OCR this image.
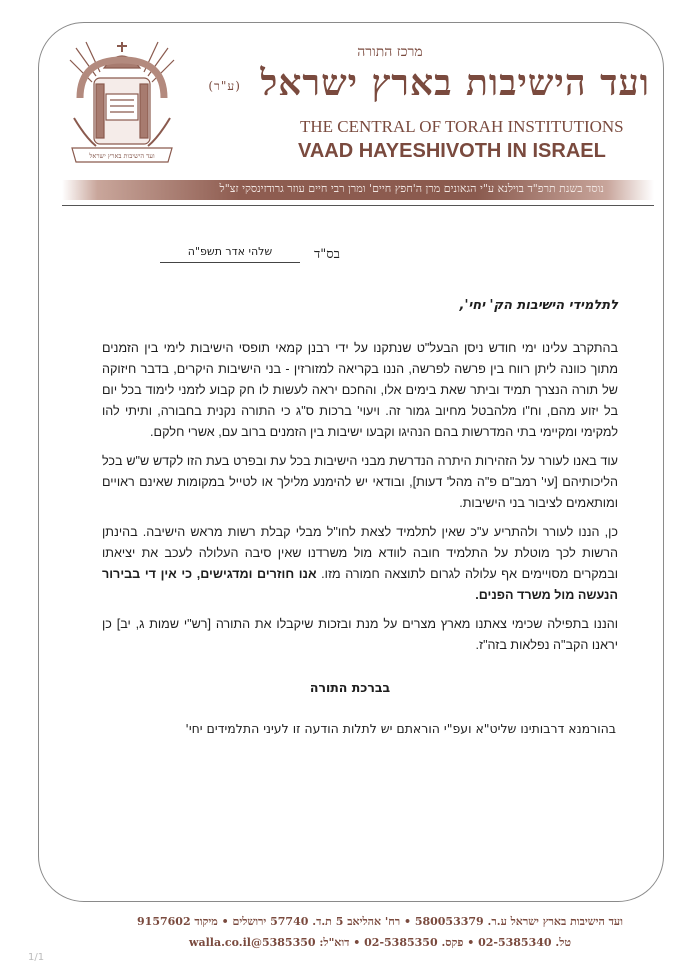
ועד הישיבות בארץ ישראל
מרכז התורה
ועד הישיבות בארץ ישראל (ע"ר)
THE CENTRAL OF TORAH INSTITUTIONS
VAAD HAYESHIVOTH IN ISRAEL
נוסד בשנת תרפ"ד בוילנא ע"י הגאונים מרן ה'חפץ חיים' ומרן רבי חיים עוזר גרודזינסקי זצ"ל
בס"ד
שלהי אדר תשפ"ה
לתלמידי הישיבות הק' יחי',

בהתקרב עלינו ימי חודש ניסן הבעל"ט שנתקנו על ידי רבנן קמאי תופסי הישיבות לימי בין הזמנים מתוך כוונה ליתן רווח בין פרשה לפרשה, הננו בקריאה למזורזין - בני הישיבות היקרים, בדבר חיזוקה של תורה הנצרך תמיד וביתר שאת בימים אלו, והחכם יראה לעשות לו חק קבוע לזמני לימוד בכל יום בל יזוע מהם, וח"ו מלהבטל מחיוב גמור זה. ויעוי' ברכות ס"ג כי התורה נקנית בחבורה, ותיתי להו למקימי ומקיימי בתי המדרשות בהם הנהיגו וקבעו ישיבות בין הזמנים ברוב עם, אשרי חלקם.

עוד באנו לעורר על הזהירות היתרה הנדרשת מבני הישיבות בכל עת ובפרט בעת הזו לקדש ש"ש בכל הליכותיהם [עי' רמב"ם פ"ה מהל' דעות], ובודאי יש להימנע מלילך או לטייל במקומות שאינם ראויים ומותאמים לציבור בני הישיבות.

כן, הננו לעורר ולהתריע ע"כ שאין לתלמיד לצאת לחו"ל מבלי קבלת רשות מראש הישיבה. בהינתן הרשות לכך מוטלת על התלמיד חובה לוודא מול משרדנו שאין סיבה העלולה לעכב את יציאתו ובמקרים מסויימים אף עלולה לגרום לתוצאה חמורה מזו. אנו חוזרים ומדגישים, כי אין די בבירור הנעשה מול משרד הפנים.

והננו בתפילה שכימי צאתנו מארץ מצרים על מנת ובזכות שיקבלו את התורה [רש"י שמות ג, יב] כן יראנו הקב"ה נפלאות בזה"ז.

בברכת התורה
בהורמנא דרבותינו שליט"א ועפ"י הוראתם יש לתלות הודעה זו לעיני התלמידים יחי'
ועד הישיבות בארץ ישראל ע.ר. 580053379 • רח' אהליאב 5 ת.ד. 57740 ירושלים • מיקוד 9157602
טל. 02-5385340 • פקס. 02-5385350 • דוא"ל: 5385350@walla.co.il
1/1
